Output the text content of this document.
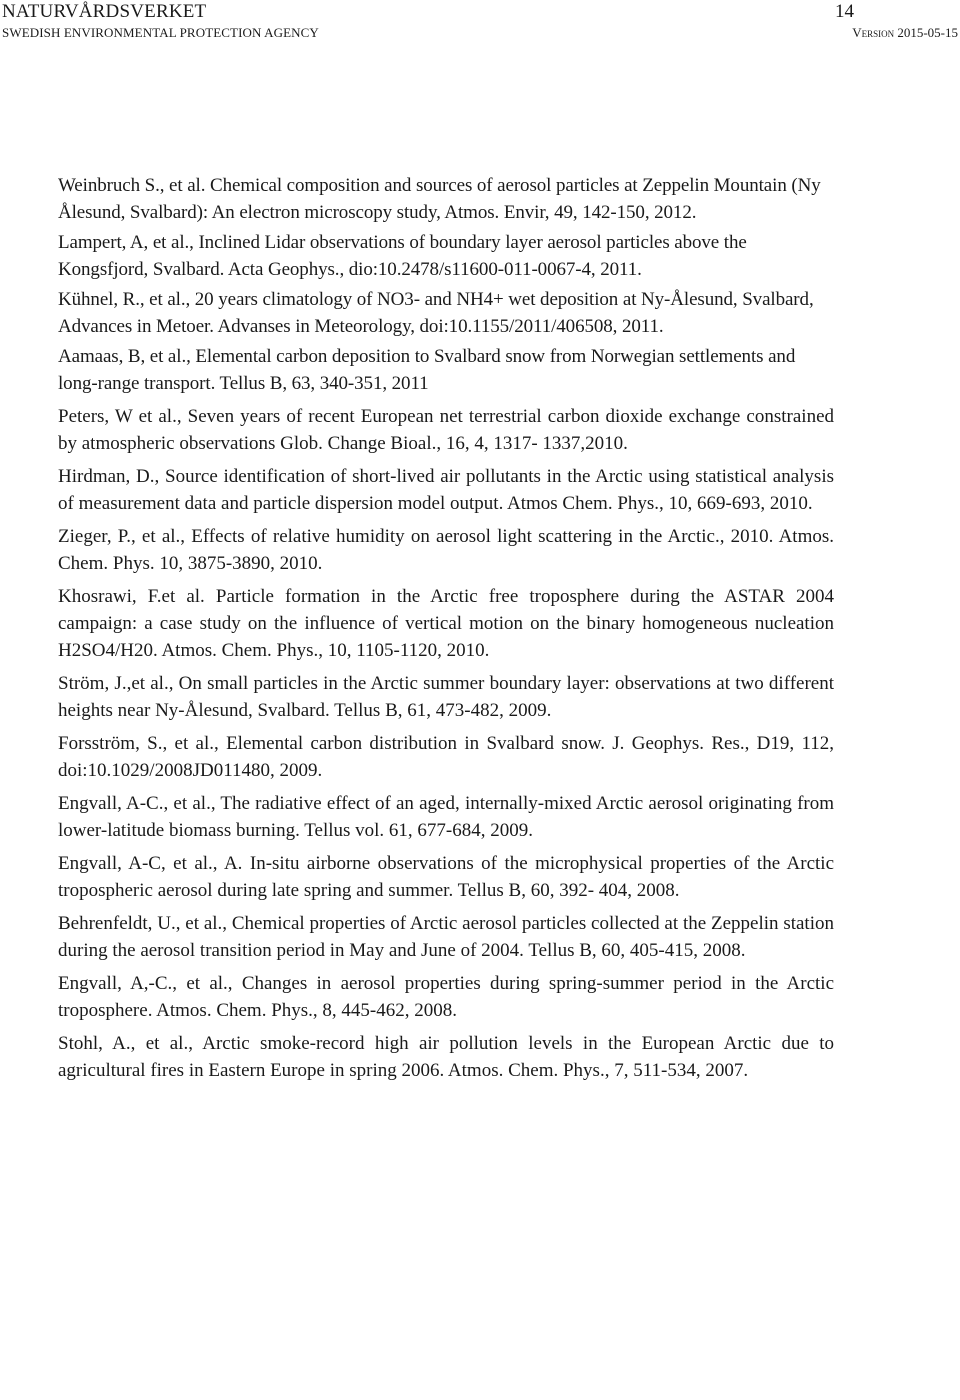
NATURVÅRDSVERKET
SWEDISH ENVIRONMENTAL PROTECTION AGENCY
14
Version 2015-05-15

Weinbruch S., et al. Chemical composition and sources of aerosol particles at Zeppelin Mountain (Ny Ålesund, Svalbard): An electron microscopy study, Atmos. Envir, 49, 142-150, 2012.

Lampert, A, et al., Inclined Lidar observations of boundary layer aerosol particles above the Kongsfjord, Svalbard. Acta Geophys., dio:10.2478/s11600-011-0067-4, 2011.

Kühnel, R., et al., 20 years climatology of NO3- and NH4+ wet deposition at Ny-Ålesund, Svalbard, Advances in Metoer. Advanses in Meteorology, doi:10.1155/2011/406508, 2011.

Aamaas, B, et al., Elemental carbon deposition to Svalbard snow from Norwegian settlements and long-range transport. Tellus B, 63, 340-351, 2011

Peters, W et al., Seven years of recent European net terrestrial carbon dioxide exchange constrained by atmospheric observations Glob. Change Bioal., 16, 4, 1317- 1337,2010.

Hirdman, D., Source identification of short-lived air pollutants in the Arctic using statistical analysis of measurement data and particle dispersion model output. Atmos Chem. Phys., 10, 669-693, 2010.

Zieger, P., et al., Effects of relative humidity on aerosol light scattering in the Arctic., 2010. Atmos. Chem. Phys. 10, 3875-3890, 2010.

Khosrawi, F.et al. Particle formation in the Arctic free troposphere during the ASTAR 2004 campaign: a case study on the influence of vertical motion on the binary homogeneous nucleation H2SO4/H20. Atmos. Chem. Phys., 10, 1105-1120, 2010.

Ström, J.,et al., On small particles in the Arctic summer boundary layer: observations at two different heights near Ny-Ålesund, Svalbard. Tellus B, 61, 473-482, 2009.

Forsström, S., et al., Elemental carbon distribution in Svalbard snow. J. Geophys. Res., D19, 112, doi:10.1029/2008JD011480, 2009.

Engvall, A-C., et al., The radiative effect of an aged, internally-mixed Arctic aerosol originating from lower-latitude biomass burning. Tellus vol. 61, 677-684, 2009.

Engvall, A-C, et al., A. In-situ airborne observations of the microphysical properties of the Arctic tropospheric aerosol during late spring and summer. Tellus B, 60, 392- 404, 2008.

Behrenfeldt, U., et al., Chemical properties of Arctic aerosol particles collected at the Zeppelin station during the aerosol transition period in May and June of 2004. Tellus B, 60, 405-415, 2008.

Engvall, A,-C., et al., Changes in aerosol properties during spring-summer period in the Arctic troposphere. Atmos. Chem. Phys., 8, 445-462, 2008.

Stohl, A., et al., Arctic smoke-record high air pollution levels in the European Arctic due to agricultural fires in Eastern Europe in spring 2006. Atmos. Chem. Phys., 7, 511-534, 2007.
